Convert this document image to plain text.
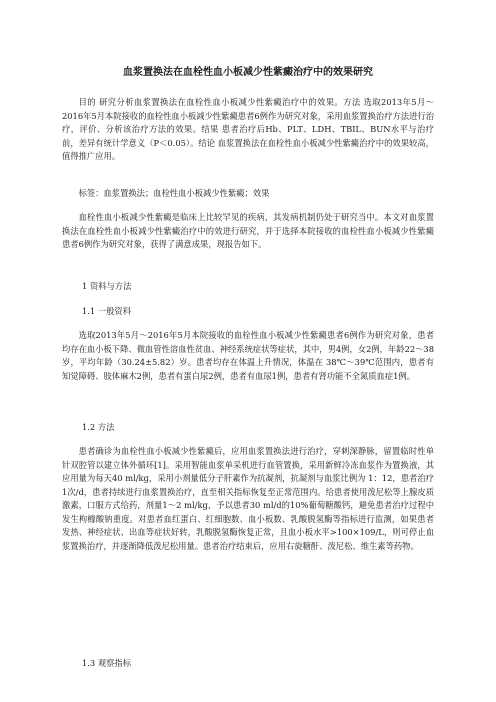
血浆置换法在血栓性血小板减少性紫癜治疗中的效果研究

目的 研究分析血浆置换法在血栓性血小板减少性紫癜治疗中的效果。方法 选取2013年5月～2016年5月本院接收的血栓性血小板减少性紫癜患者6例作为研究对象，采用血浆置换治疗方法进行治疗，评价、分析该治疗方法的效果。结果 患者治疗后Hb、PLT、LDH、TBIL、BUN水平与治疗前，差异有统计学意义（P＜0.05）。结论 血浆置换法在血栓性血小板减少性紫癜治疗中的效果较高，值得推广应用。

标签：血浆置换法；血栓性血小板减少性紫癜；效果

血栓性血小板减少性紫癜是临床上比较罕见的疾病，其发病机制仍处于研究当中。本文对血浆置换法在血栓性血小板减少性紫癜治疗中的效进行研究，并于选择本院接收的血栓性血小板减少性紫癜患者6例作为研究对象，获得了满意成果，现报告如下。

1 资料与方法

1.1 一般资料

选取2013年5月～2016年5月本院接收的血栓性血小板减少性紫癜患者6例作为研究对象，患者均存在血小板下降、微血管性溶血性贫血、神经系统症状等症状，其中，男4例，女2例，年龄22～38岁，平均年龄（30.24±5.82）岁。患者均存在体温上升情况，体温在 38℃～39℃范围内，患者有知觉障碍、肢体麻木2例，患者有蛋白尿2例，患者有血尿1例，患者有肾功能不全氮质血症1例。

1.2 方法

患者确诊为血栓性血小板减少性紫癜后，应用血浆置换法进行治疗，穿刺深静脉，留置临时性单针双腔管以建立体外循环[1]。采用智能血浆单采机进行血管置换，采用新鲜冷冻血浆作为置换液，其应用量为每天40 ml/kg，采用小剂量低分子肝素作为抗凝剂，抗凝剂与血浆比例为 1：12，患者治疗1次/d，患者持续进行血浆置换治疗，直至相关指标恢复至正常范围内。给患者使用泼尼松等上腺皮质激素，口服方式给药，剂量1～2 ml/kg，予以患者30 ml/d的10%葡萄糖酸钙，避免患者治疗过程中发生枸橼酸钠重度。对患者血红蛋白、红细胞数、血小板数、乳酸脱氢酶等指标进行监测，如果患者发热、神经症状、出血等症状好转，乳酸脱氢酶恢复正常，且血小板水平>100×109/L，则可停止血浆置换治疗，并逐渐降低泼尼松用量。患者治疗结束后，应用右旋糖酐、泼尼松、维生素等药物。

1.3 观察指标
